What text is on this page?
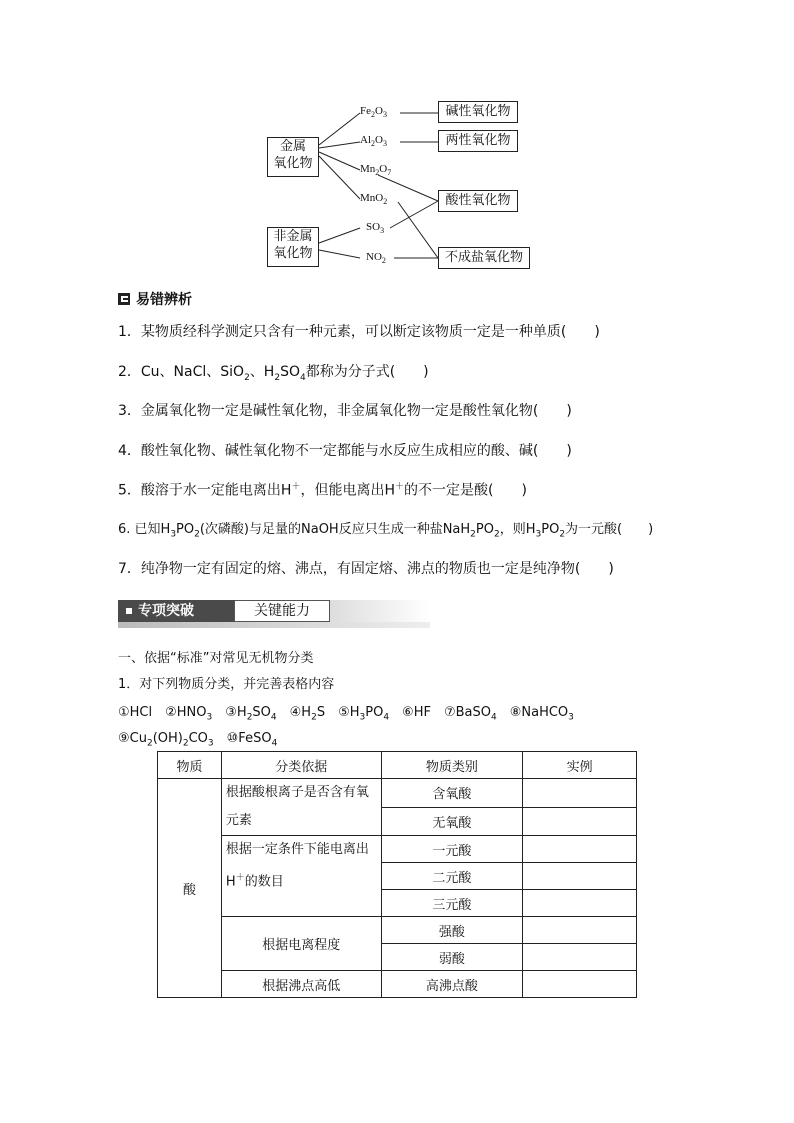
金属
氧化物
非金属
氧化物
$Fe_2O_3$
$Al_2O_3$
$Mn_2O_7$
MnO$_2$
$SO_3$
$NO_2$
碱性氧化物
两性氧化物
酸性氧化物
不成盐氧化物
易错辨析
1．某物质经科学测定只含有一种元素，可以断定该物质一定是一种单质(　　)
2．Cu、NaCl、SiO$_2$、$H_2SO_4$都称为分子式(　　)
3．金属氧化物一定是碱性氧化物，非金属氧化物一定是酸性氧化物(　　)
4．酸性氧化物、碱性氧化物不一定都能与水反应生成相应的酸、碱(　　)
5．酸溶于水一定能电离出H＋，但能电离出H＋的不一定是酸(　　)
6. 已知$H_3PO_2$(次磷酸)与足量的NaOH反应只生成一种盐$NaH_2PO_2$，则$H_3PO_2$为一元酸(　　)
7．纯净物一定有固定的熔、沸点，有固定熔、沸点的物质也一定是纯净物(　　)
专项突破	关键能力
一、依据“标准”对常见无机物分类
1．对下列物质分类，并完善表格内容
①HCl　$②HNO_3$　$③H_2SO_4$　$④H_2S$　$⑤H_3PO_4$　⑥HF　⑦BaSO$_4$　⑧NaHCO$_3$
$⑨Cu_2(OH)_2CO_3$　⑩FeSO$_4$
物质	分类依据	物质类别	实例
酸	根据酸根离子是否含有氧元素	含氧酸	
		无氧酸	
	根据一定条件下能电离出H＋的数目	一元酸	
		二元酸	
		三元酸	
	根据电离程度	强酸	
		弱酸	
	根据沸点高低	高沸点酸	
